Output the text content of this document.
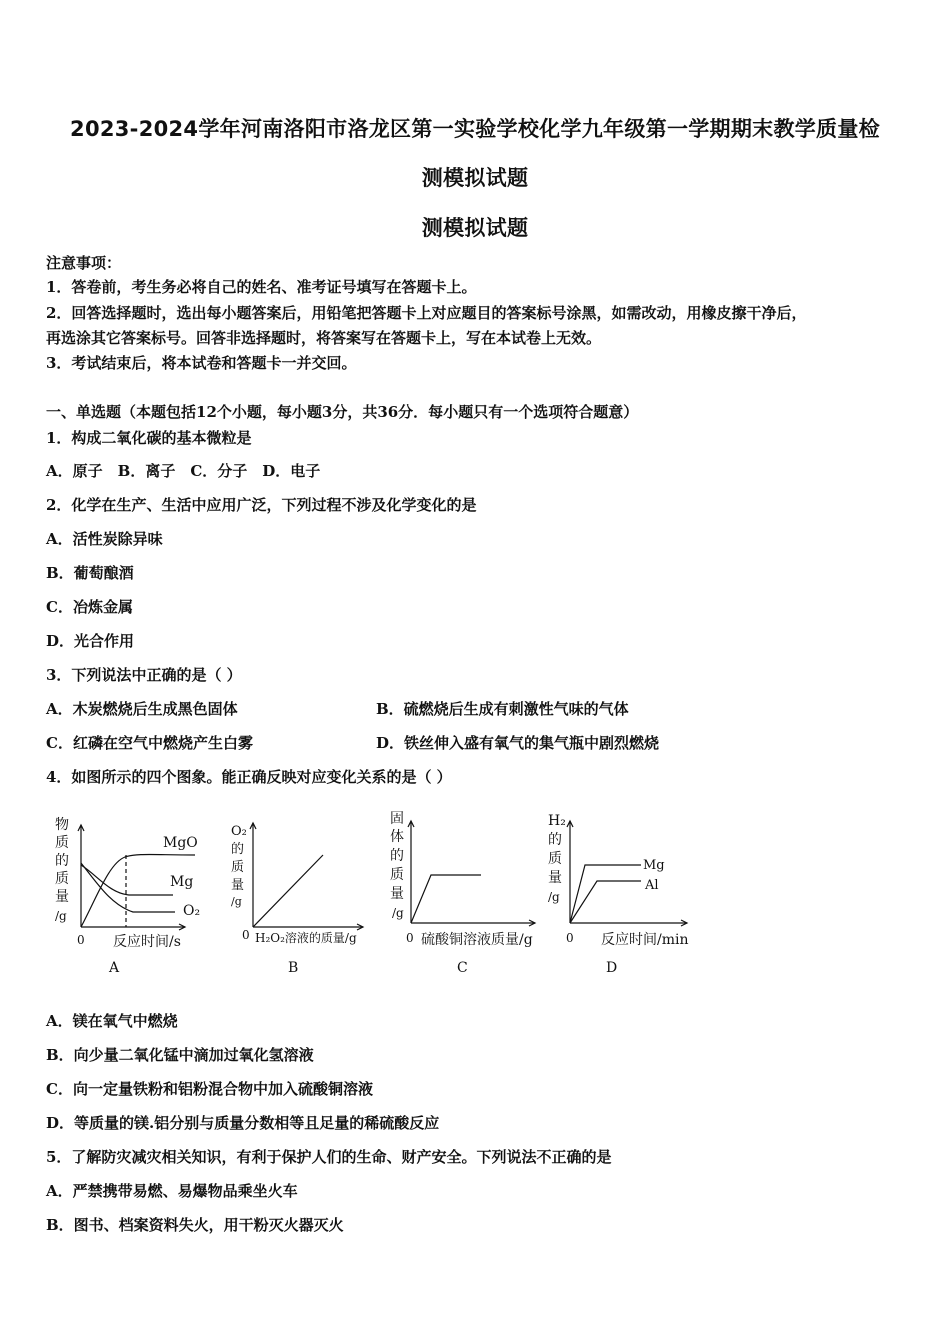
2023-2024学年河南洛阳市洛龙区第一实验学校化学九年级第一学期期末教学质量检
测模拟试题
测模拟试题
注意事项：
1．答卷前，考生务必将自己的姓名、准考证号填写在答题卡上。
2．回答选择题时，选出每小题答案后，用铅笔把答题卡上对应题目的答案标号涂黑，如需改动，用橡皮擦干净后，
再选涂其它答案标号。回答非选择题时，将答案写在答题卡上，写在本试卷上无效。
3．考试结束后，将本试卷和答题卡一并交回。
一、单选题（本题包括12个小题，每小题3分，共36分．每小题只有一个选项符合题意）
1．构成二氧化碳的基本微粒是
A．原子　B．离子　C．分子　D．电子
2．化学在生产、生活中应用广泛，下列过程不涉及化学变化的是
A．活性炭除异味
B．葡萄酿酒
C．冶炼金属
D．光合作用
3．下列说法中正确的是（ ）
A．木炭燃烧后生成黑色固体	B．硫燃烧后生成有刺激性气味的气体
C．红磷在空气中燃烧产生白雾	D．铁丝伸入盛有氧气的集气瓶中剧烈燃烧
4．如图所示的四个图象。能正确反映对应变化关系的是（ ）
物
质
的
质
量
/g
MgO
Mg
O₂
0 反应时间/s
A
O₂
的
质
量
/g
0 H₂O₂溶液的质量/g
B
固
体
的
质
量
/g
0 硫酸铜溶液质量/g
C
H₂
的
质
量
/g
Mg
Al
0 反应时间/min
D
A．镁在氧气中燃烧
B．向少量二氧化锰中滴加过氧化氢溶液
C．向一定量铁粉和铝粉混合物中加入硫酸铜溶液
D．等质量的镁.铝分别与质量分数相等且足量的稀硫酸反应
5．了解防灾减灾相关知识，有利于保护人们的生命、财产安全。下列说法不正确的是
A．严禁携带易燃、易爆物品乘坐火车
B．图书、档案资料失火，用干粉灭火器灭火
